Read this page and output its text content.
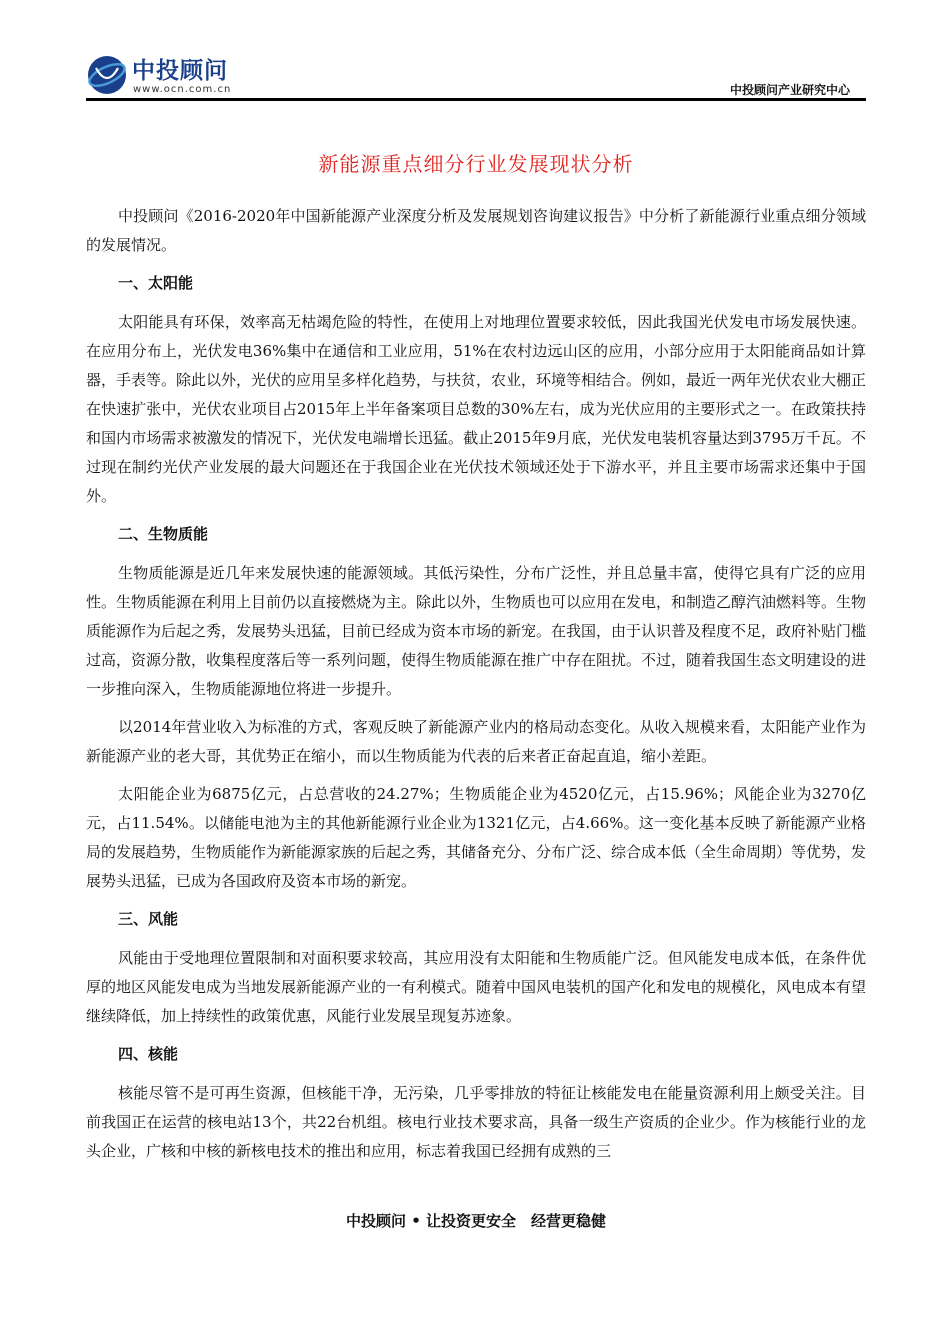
中投顾问
www.ocn.com.cn	中投顾问产业研究中心
新能源重点细分行业发展现状分析

中投顾问《2016-2020年中国新能源产业深度分析及发展规划咨询建议报告》中分析了新能源行业重点细分领域的发展情况。

一、太阳能

太阳能具有环保，效率高无枯竭危险的特性，在使用上对地理位置要求较低，因此我国光伏发电市场发展快速。在应用分布上，光伏发电36%集中在通信和工业应用，51%在农村边远山区的应用，小部分应用于太阳能商品如计算器，手表等。除此以外，光伏的应用呈多样化趋势，与扶贫，农业，环境等相结合。例如，最近一两年光伏农业大棚正在快速扩张中，光伏农业项目占2015年上半年备案项目总数的30%左右，成为光伏应用的主要形式之一。在政策扶持和国内市场需求被激发的情况下，光伏发电端增长迅猛。截止2015年9月底，光伏发电装机容量达到3795万千瓦。不过现在制约光伏产业发展的最大问题还在于我国企业在光伏技术领域还处于下游水平，并且主要市场需求还集中于国外。

二、生物质能

生物质能源是近几年来发展快速的能源领域。其低污染性，分布广泛性，并且总量丰富，使得它具有广泛的应用性。生物质能源在利用上目前仍以直接燃烧为主。除此以外，生物质也可以应用在发电，和制造乙醇汽油燃料等。生物质能源作为后起之秀，发展势头迅猛，目前已经成为资本市场的新宠。在我国，由于认识普及程度不足，政府补贴门槛过高，资源分散，收集程度落后等一系列问题，使得生物质能源在推广中存在阻扰。不过，随着我国生态文明建设的进一步推向深入，生物质能源地位将进一步提升。

以2014年营业收入为标准的方式，客观反映了新能源产业内的格局动态变化。从收入规模来看，太阳能产业作为新能源产业的老大哥，其优势正在缩小，而以生物质能为代表的后来者正奋起直追，缩小差距。

太阳能企业为6875亿元，占总营收的24.27%；生物质能企业为4520亿元，占15.96%；风能企业为3270亿元，占11.54%。以储能电池为主的其他新能源行业企业为1321亿元，占4.66%。这一变化基本反映了新能源产业格局的发展趋势，生物质能作为新能源家族的后起之秀，其储备充分、分布广泛、综合成本低（全生命周期）等优势，发展势头迅猛，已成为各国政府及资本市场的新宠。

三、风能

风能由于受地理位置限制和对面积要求较高，其应用没有太阳能和生物质能广泛。但风能发电成本低，在条件优厚的地区风能发电成为当地发展新能源产业的一有利模式。随着中国风电装机的国产化和发电的规模化，风电成本有望继续降低，加上持续性的政策优惠，风能行业发展呈现复苏迹象。

四、核能

核能尽管不是可再生资源，但核能干净，无污染，几乎零排放的特征让核能发电在能量资源利用上颇受关注。目前我国正在运营的核电站13个，共22台机组。核电行业技术要求高，具备一级生产资质的企业少。作为核能行业的龙头企业，广核和中核的新核电技术的推出和应用，标志着我国已经拥有成熟的三

中投顾问 • 让投资更安全　经营更稳健
